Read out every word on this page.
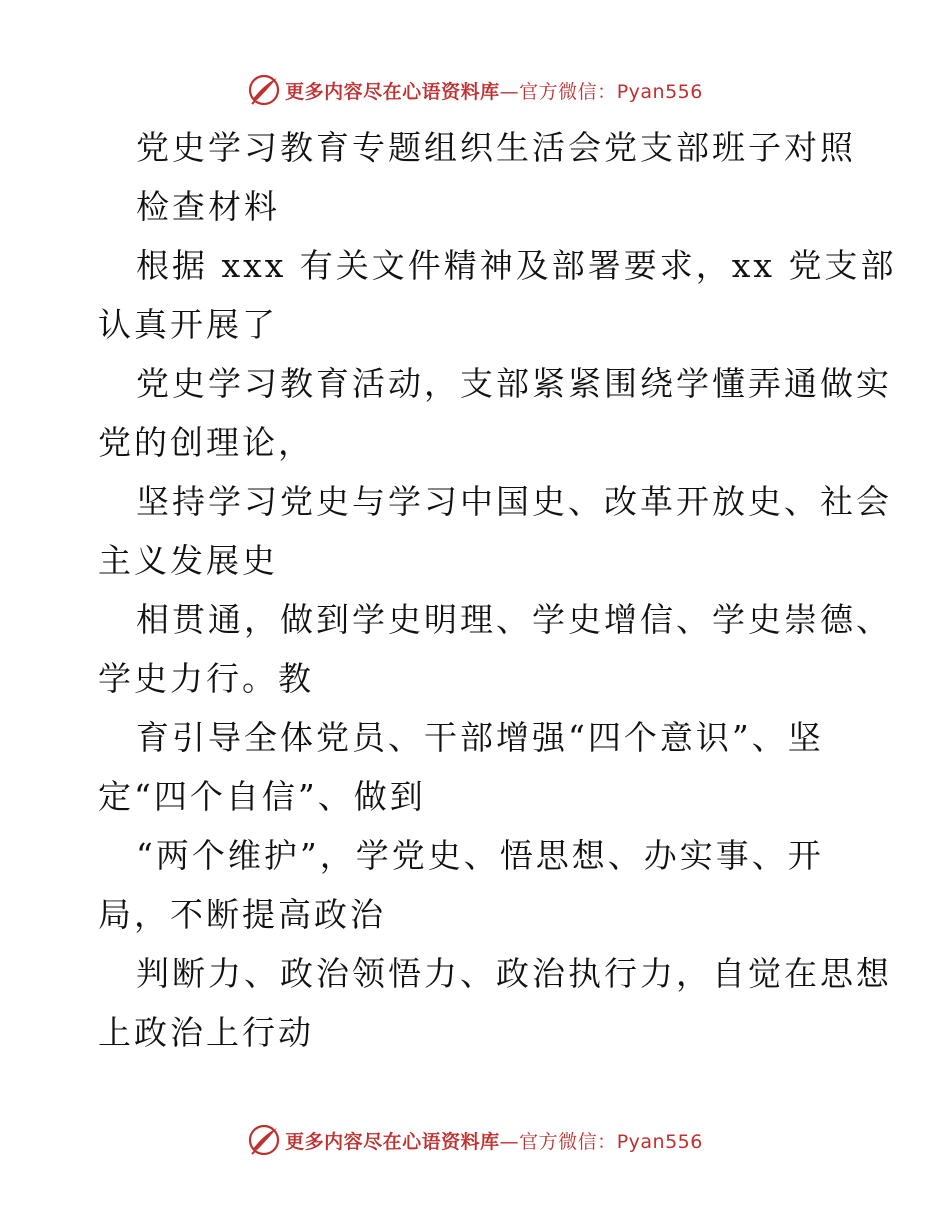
更多内容尽在心语资料库—官方微信：Pyan556
党史学习教育专题组织生活会党支部班子对照
检查材料
根据 xxx 有关文件精神及部署要求，xx 党支部
认真开展了
党史学习教育活动，支部紧紧围绕学懂弄通做实
党的创理论，
坚持学习党史与学习中国史、改革开放史、社会
主义发展史
相贯通，做到学史明理、学史增信、学史崇德、
学史力行。教
育引导全体党员、干部增强“四个意识”、坚
定“四个自信”、做到
“两个维护”，学党史、悟思想、办实事、开
局，不断提高政治
判断力、政治领悟力、政治执行力，自觉在思想
上政治上行动
更多内容尽在心语资料库—官方微信：Pyan556
